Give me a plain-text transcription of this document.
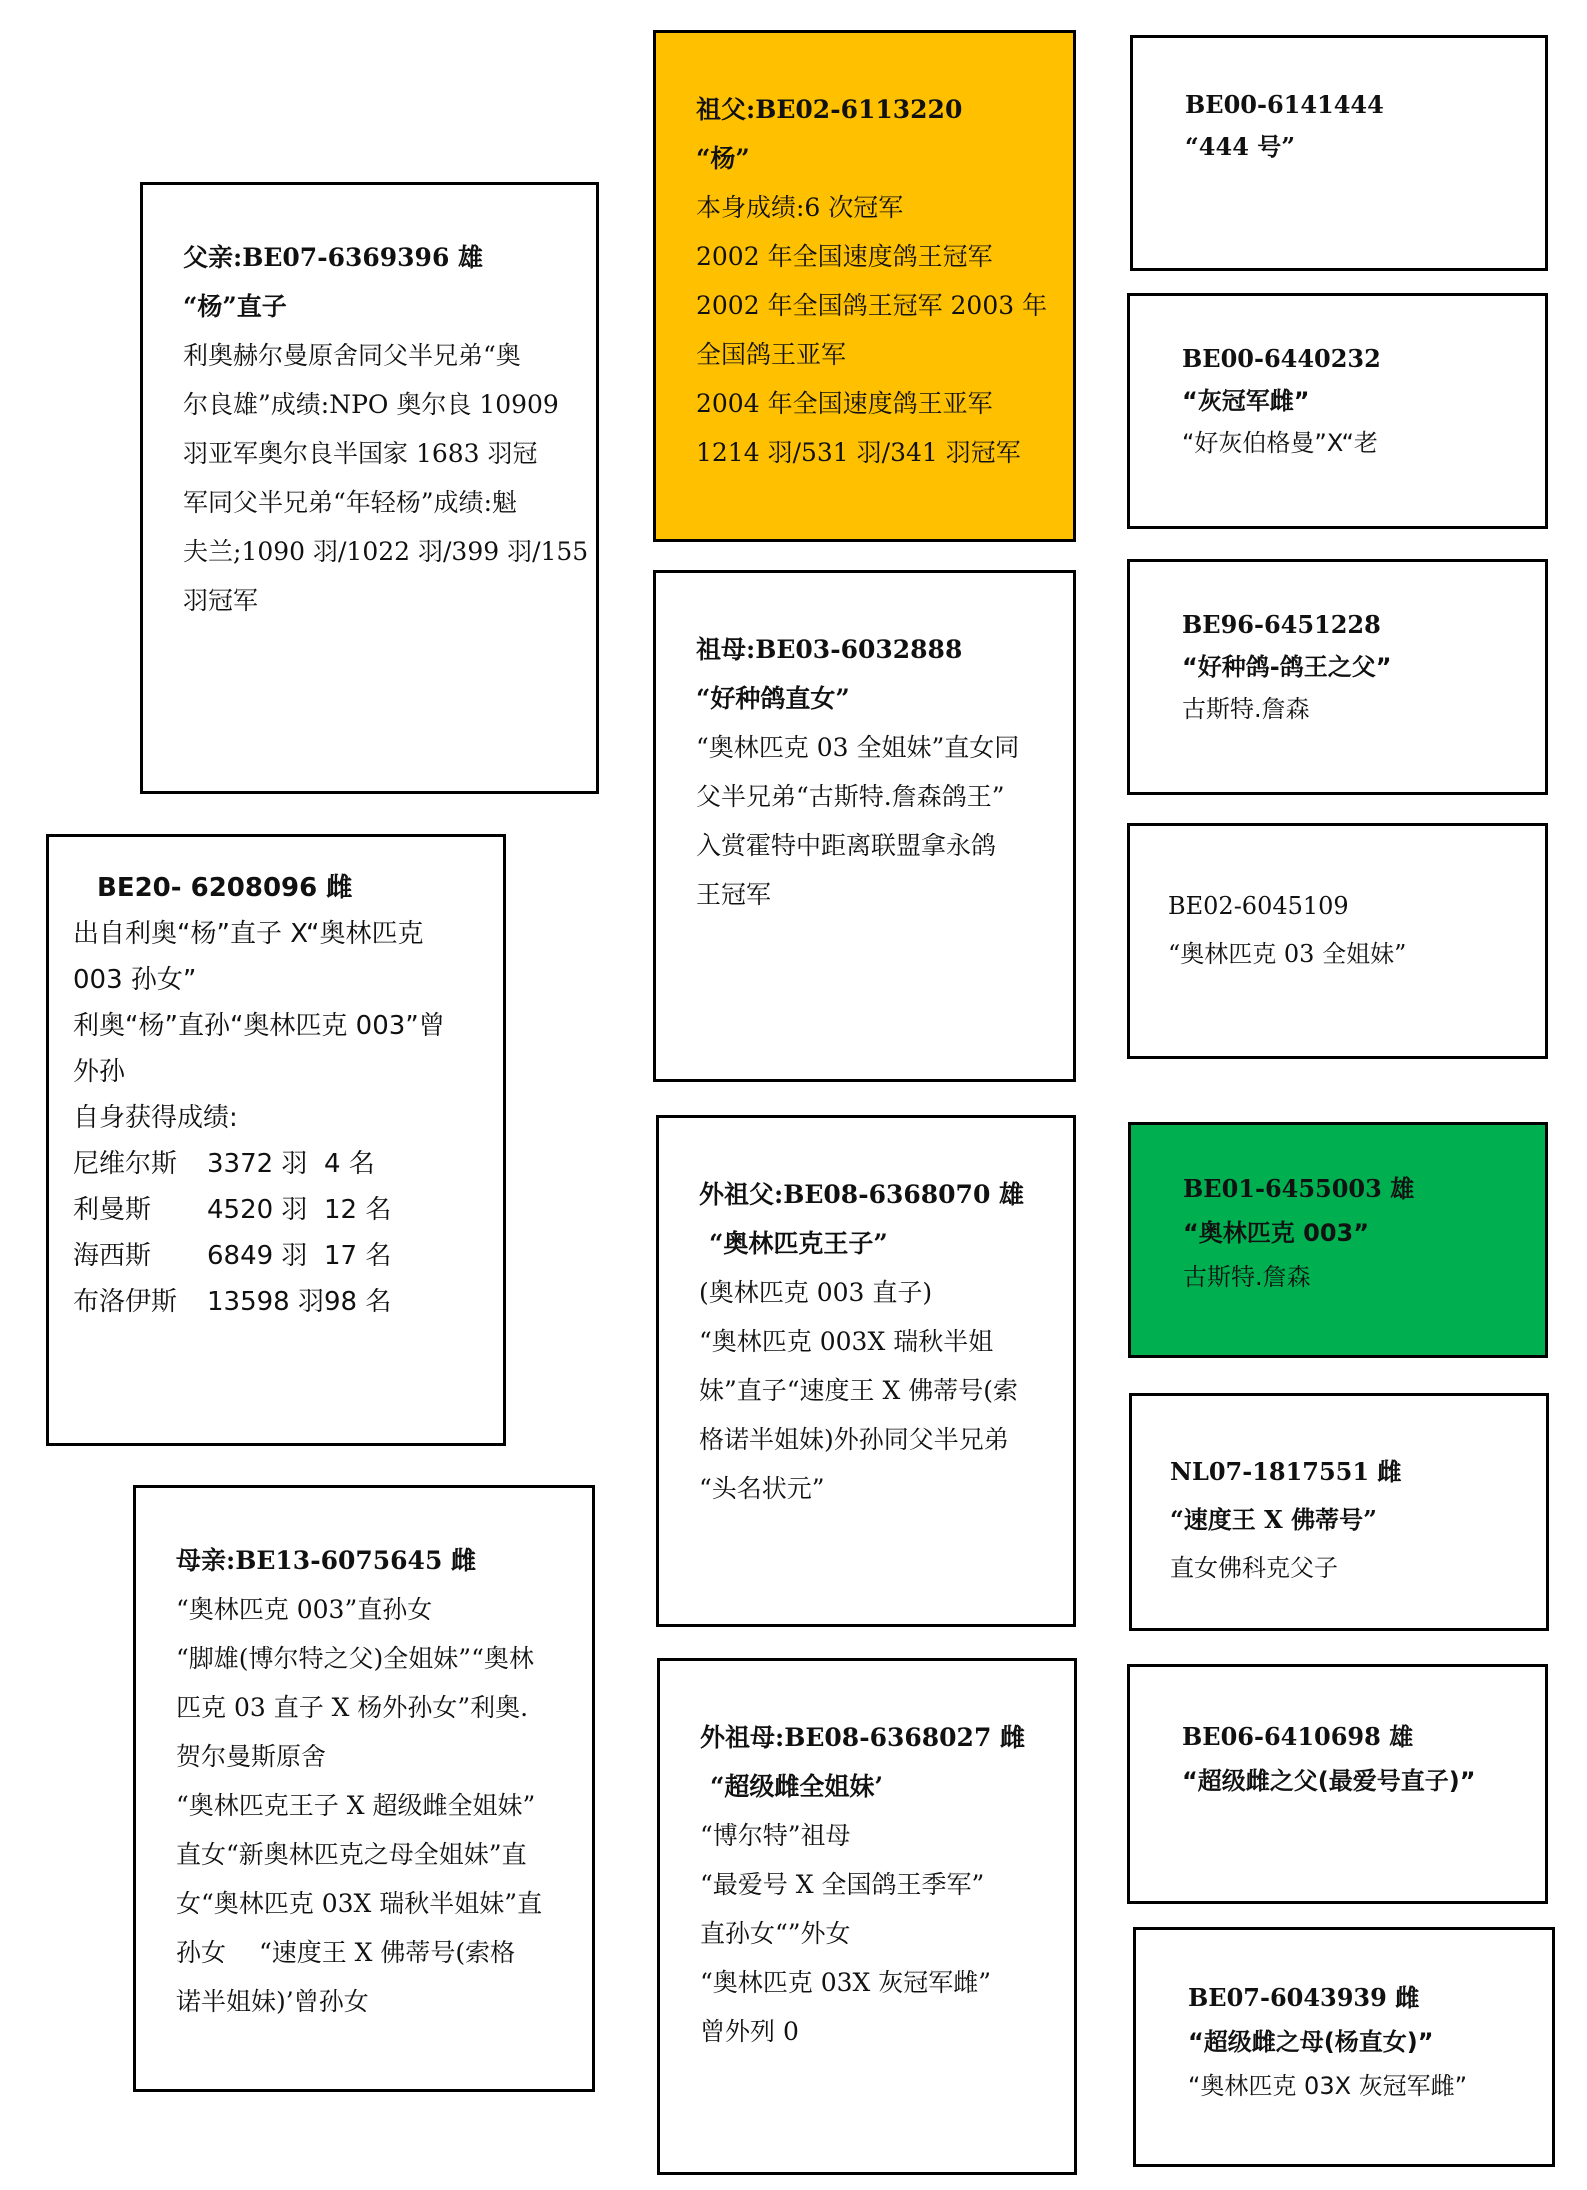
BE20- 6208096 雌
出自利奥“杨”直子 X“奥林匹克
003 孙女”
利奥“杨”直孙“奥林匹克 003”曾
外孙
自身获得成绩:
尼维尔斯	3372 羽	4 名
利曼斯	4520 羽	12 名
海西斯	6849 羽	17 名
布洛伊斯	13598 羽	98 名
父亲:BE07-6369396 雄
“杨”直子
利奥赫尔曼原舍同父半兄弟“奥
尔良雄”成绩:NPO 奥尔良 10909
羽亚军奥尔良半国家 1683 羽冠
军同父半兄弟“年轻杨”成绩:魁
夫兰;1090 羽/1022 羽/399 羽/155
羽冠军
母亲:BE13-6075645 雌
“奥林匹克 003”直孙女
“脚雄(博尔特之父)全姐妹”“奥林
匹克 03 直子 X 杨外孙女”利奥.
贺尔曼斯原舍
“奥林匹克王子 X 超级雌全姐妹”
直女“新奥林匹克之母全姐妹”直
女“奥林匹克 03X 瑞秋半姐妹”直
孙女　 “速度王 X 佛蒂号(索格
诺半姐妹)’曾孙女
祖父:BE02-6113220
“杨”
本身成绩:6 次冠军
2002 年全国速度鸽王冠军
2002 年全国鸽王冠军 2003 年
全国鸽王亚军
2004 年全国速度鸽王亚军
1214 羽/531 羽/341 羽冠军
祖母:BE03-6032888
“好种鸽直女”
“奥林匹克 03 全姐妹”直女同
父半兄弟“古斯特.詹森鸽王”
入赏霍特中距离联盟拿永鸽
王冠军
外祖父:BE08-6368070 雄
“奥林匹克王子”
(奥林匹克 003 直子)
“奥林匹克 003X 瑞秋半姐
妹”直子“速度王 X 佛蒂号(索
格诺半姐妹)外孙同父半兄弟
“头名状元”
外祖母:BE08-6368027 雌
“超级雌全姐妹’
“博尔特”祖母
“最爱号 X 全国鸽王季军”
直孙女“”外女
“奥林匹克 03X 灰冠军雌”
曾外列 0
BE00-6141444
“444 号”
BE00-6440232
“灰冠军雌”
“好灰伯格曼”X“老
BE96-6451228
“好种鸽-鸽王之父”
古斯特.詹森
BE02-6045109
“奥林匹克 03 全姐妹”
BE01-6455003 雄
“奥林匹克 003”
古斯特.詹森
NL07-1817551 雌
“速度王 X 佛蒂号”
直女佛科克父子
BE06-6410698 雄
“超级雌之父(最爱号直子)”
BE07-6043939 雌
“超级雌之母(杨直女)”
“奥林匹克 03X 灰冠军雌”
